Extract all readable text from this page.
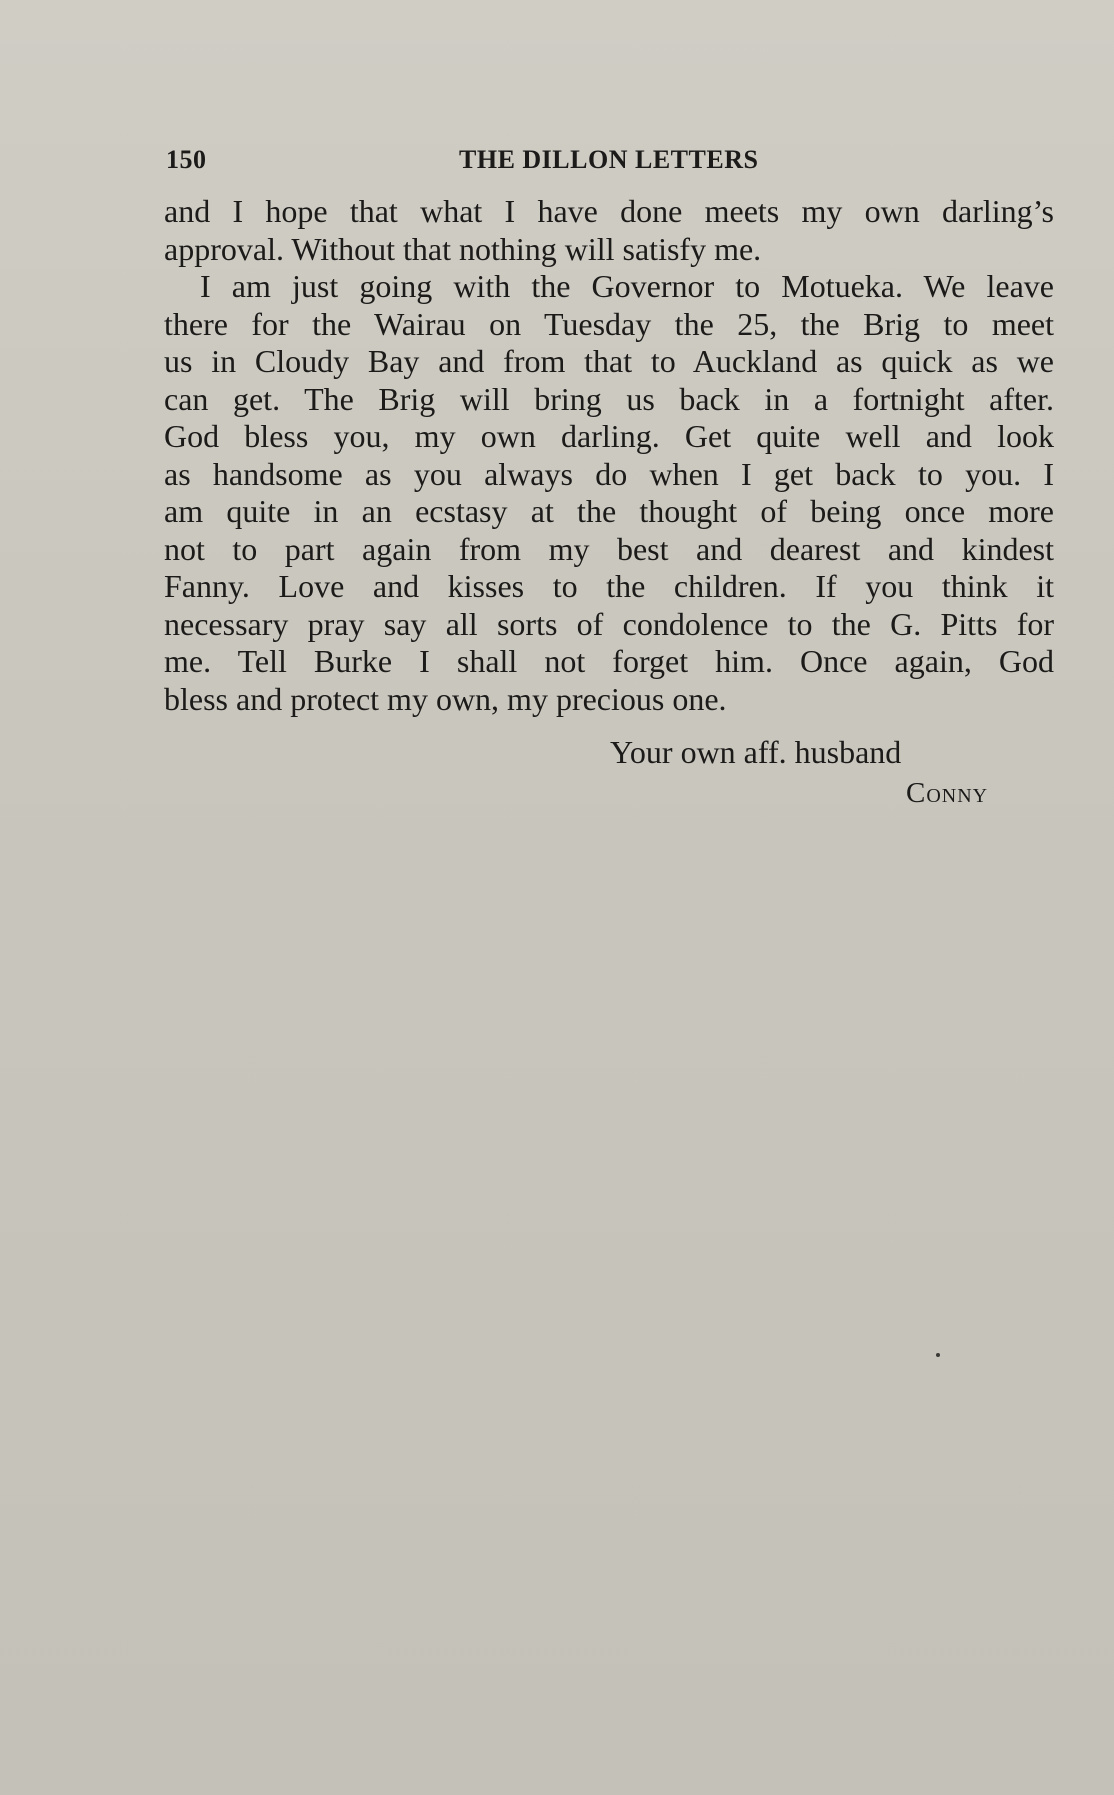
150	THE DILLON LETTERS
and I hope that what I have done meets my own darling’s
approval. Without that nothing will satisfy me.
I am just going with the Governor to Motueka. We leave
there for the Wairau on Tuesday the 25, the Brig to meet
us in Cloudy Bay and from that to Auckland as quick as we
can get. The Brig will bring us back in a fortnight after.
God bless you, my own darling. Get quite well and look
as handsome as you always do when I get back to you. I
am quite in an ecstasy at the thought of being once more
not to part again from my best and dearest and kindest
Fanny. Love and kisses to the children. If you think it
necessary pray say all sorts of condolence to the G. Pitts for
me. Tell Burke I shall not forget him. Once again, God
bless and protect my own, my precious one.
Your own aff. husband
Conny
